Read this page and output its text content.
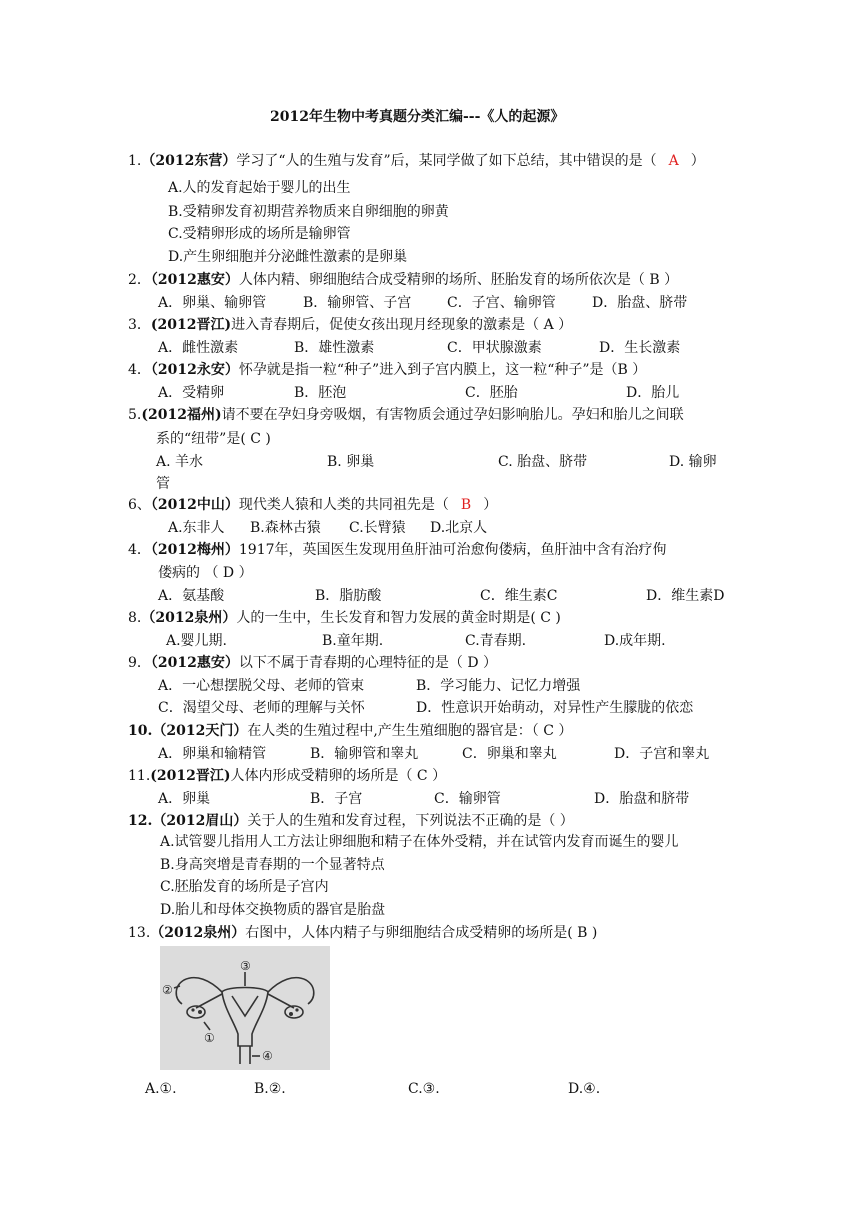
2012年生物中考真题分类汇编---《人的起源》
1.（2012东营）学习了“人的生殖与发育”后，某同学做了如下总结，其中错误的是（ A ）
A.人的发育起始于婴儿的出生
B.受精卵发育初期营养物质来自卵细胞的卵黄
C.受精卵形成的场所是输卵管
D.产生卵细胞并分泌雌性激素的是卵巢
2．（2012惠安）人体内精、卵细胞结合成受精卵的场所、胚胎发育的场所依次是（ B ）
A．卵巢、输卵管	B．输卵管、子宫	C．子宫、输卵管	D．胎盘、脐带
3．(2012晋江)进入青春期后，促使女孩出现月经现象的激素是（ A ）
A．雌性激素	B．雄性激素	C．甲状腺激素	D．生长激素
4．（2012永安）怀孕就是指一粒“种子”进入到子宫内膜上，这一粒“种子”是（B ）
A．受精卵	B．胚泡	C．胚胎	D．胎儿
5.(2012福州)请不要在孕妇身旁吸烟，有害物质会通过孕妇影响胎儿。孕妇和胎儿之间联
系的“纽带”是( C )
A. 羊水	B. 卵巢	C. 胎盘、脐带	D. 输卵
管
6、（2012中山）现代类人猿和人类的共同祖先是（ B ）
A.东非人 B.森林古猿 C.长臂猿 D.北京人
4．（2012梅州）1917年，英国医生发现用鱼肝油可治愈佝偻病，鱼肝油中含有治疗佝
偻病的 （ D ）
A．氨基酸	B．脂肪酸	C．维生素C	D．维生素D
8.（2012泉州）人的一生中，生长发育和智力发展的黄金时期是( C )
A.婴儿期.	B.童年期.	C.青春期.	D.成年期.
9．（2012惠安）以下不属于青春期的心理特征的是（ D ）
A．一心想摆脱父母、老师的管束	B．学习能力、记忆力增强
C．渴望父母、老师的理解与关怀	D．性意识开始萌动，对异性产生朦胧的依恋
10.（2012天门）在人类的生殖过程中,产生生殖细胞的器官是：（ C ）
A．卵巢和输精管	B．输卵管和睾丸	C．卵巢和睾丸	D．子宫和睾丸
11.(2012晋江)人体内形成受精卵的场所是（ C ）
A．卵巢	B．子宫	C．输卵管	D．胎盘和脐带
12.（2012眉山）关于人的生殖和发育过程，下列说法不正确的是（ ）
A.试管婴儿指用人工方法让卵细胞和精子在体外受精，并在试管内发育而诞生的婴儿
B.身高突增是青春期的一个显著特点
C.胚胎发育的场所是子宫内
D.胎儿和母体交换物质的器官是胎盘
13.（2012泉州）右图中，人体内精子与卵细胞结合成受精卵的场所是( B )
③
②
①
④
A.①.	B.②.	C.③.	D.④.
